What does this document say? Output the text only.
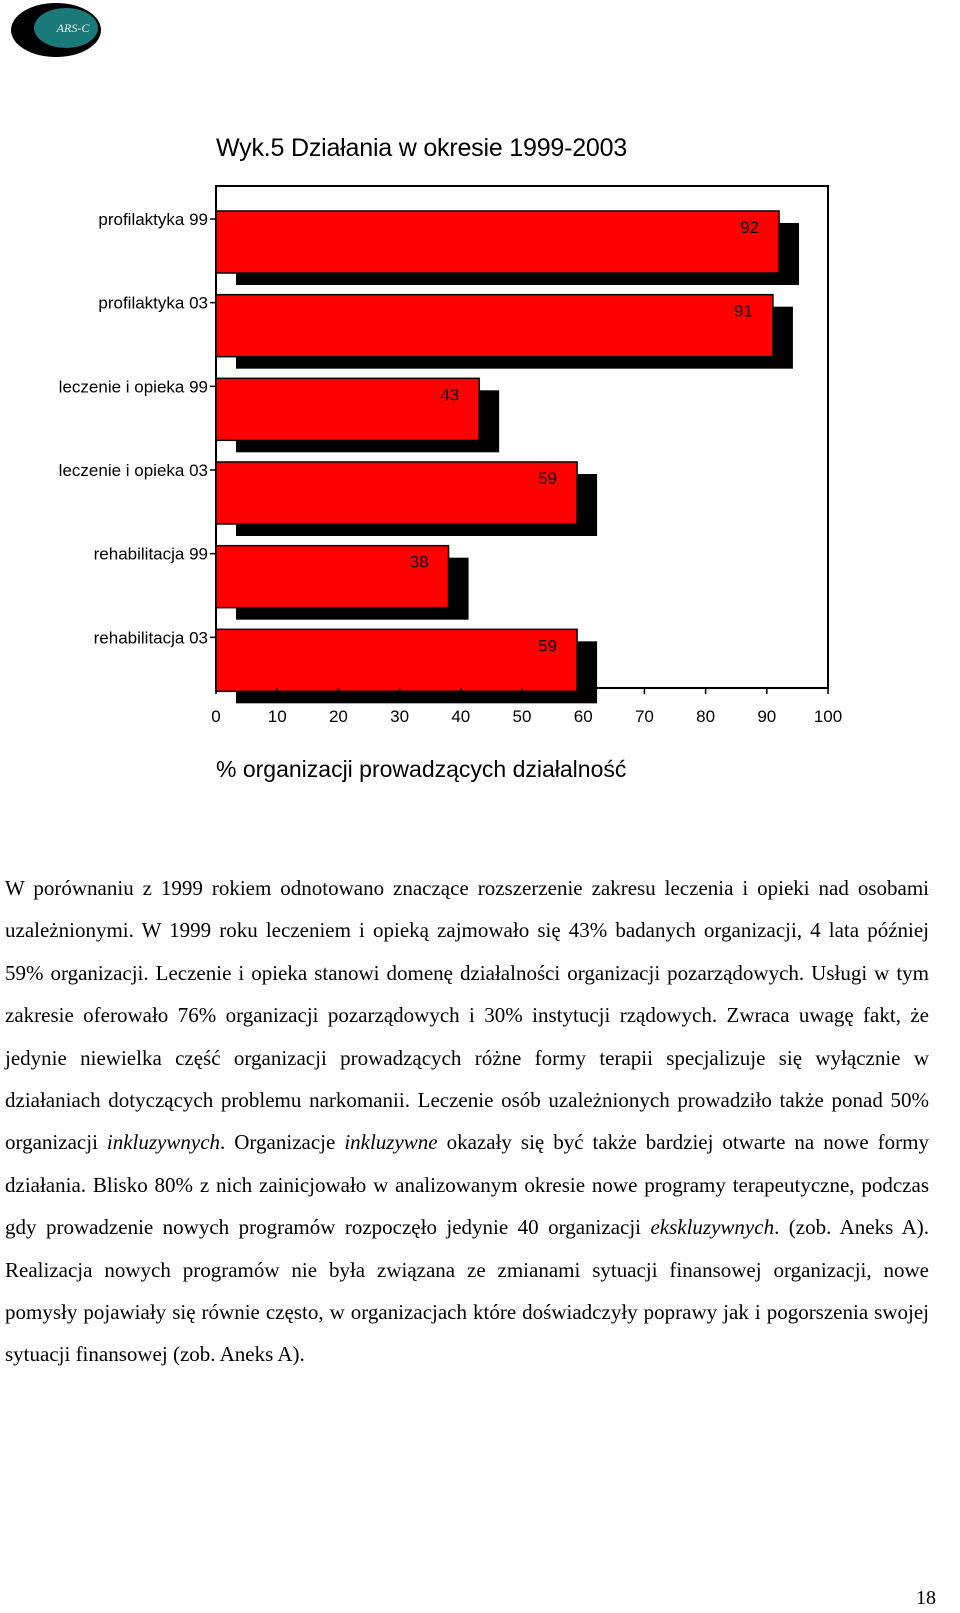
ARS-C
Wyk.5 Działania w okresie 1999-2003
profilaktyka 99	92
profilaktyka 03	91
leczenie i opieka 99	43
leczenie i opieka 03	59
rehabilitacja 99	38
rehabilitacja 03	59
0	10 20 30 40 50 60 70 80 90 100
% organizacji prowadzących działalność

W porównaniu z 1999 rokiem odnotowano znaczące rozszerzenie zakresu leczenia i opieki nad osobami uzależnionymi. W 1999 roku leczeniem i opieką zajmowało się 43% badanych organizacji, 4 lata później 59% organizacji. Leczenie i opieka stanowi domenę działalności organizacji pozarządowych. Usługi w tym zakresie oferowało 76% organizacji pozarządowych i 30% instytucji rządowych. Zwraca uwagę fakt, że jedynie niewielka część organizacji prowadzących różne formy terapii specjalizuje się wyłącznie w działaniach dotyczących problemu narkomanii. Leczenie osób uzależnionych prowadziło także ponad 50% organizacji inkluzywnych. Organizacje inkluzywne okazały się być także bardziej otwarte na nowe formy działania. Blisko 80% z nich zainicjowało w analizowanym okresie nowe programy terapeutyczne, podczas gdy prowadzenie nowych programów rozpoczęło jedynie 40 organizacji ekskluzywnych. (zob. Aneks A). Realizacja nowych programów nie była związana ze zmianami sytuacji finansowej organizacji, nowe pomysły pojawiały się równie często, w organizacjach które doświadczyły poprawy jak i pogorszenia swojej sytuacji finansowej (zob. Aneks A).

18
